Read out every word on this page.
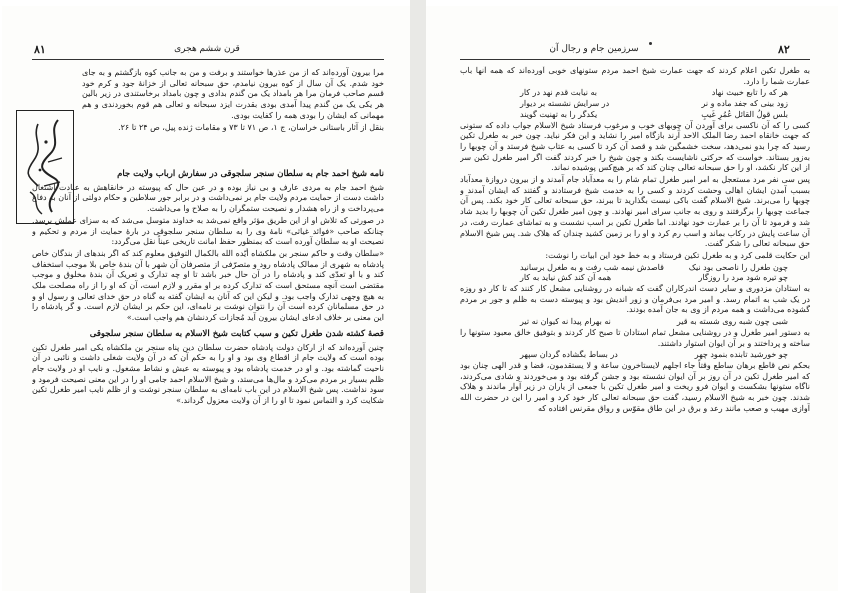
۸۱	قرن ششم هجری

مرا بیرون آورده‌اند که از من عذرها خواستند و برفت و من به جانب کوه بازگشتم و به جای خود شدم. یک آن سال از کوه بیرون نیامدم، حق سبحانه تعالی از خزانهٔ جود و کرم خود قسم صاحب فرمان مرا هر بامداد یک من گندم بدادی و چون بامداد برخاستندی در زیر بالین هر یکی یک من گندم پیدا آمدی بودی بقدرت ایزد سبحانه و تعالی هم قوم بخوردندی و هم مهمانی که ایشان را بودی همه را کفایت بودی.

بنقل از آثار باستانی خراسان، ج ۱، ص ۷۱ تا ۷۳ و مقامات ژنده پیل، ص ۲۴ تا ۲۶.

نامه شیخ احمد جام به سلطان سنجر سلجوقی در سفارش ارباب ولایت جام

شیخ احمد جام به مردی عارف و بی نیاز بوده و در عین حال که پیوسته در خانقاهش به عبادت اشتغال داشت دست از حمایت مردم ولایت جام بر نمی‌داشت و در برابر جور سلاطین و حکام دولتی از آنان به دفاع می‌پرداخت و از راه هشدار و نصیحت ستمگران را به صلاح وا می‌داشت.

در صورتی که تلاش او از این طریق مؤثر واقع نمی‌شد به خداوند متوسل می‌شد که به سزای عملش برسد. چنانکه صاحب «فوائد غیاثی» نامهٔ وی را به سلطان سنجر سلجوقی در بارهٔ حمایت از مردم و تحکیم و نصیحت او به سلطان آورده است که بمنظور حفظ امانت تاریخی عیناً نقل می‌گردد:

«سلطان وقت و حاکم سنجر بن ملکشاه أیّده الله بالکمال التوفیق معلوم کند که اگر بندهای از بندگان خاص پادشاه به شهری از ممالک پادشاه رود و متصرّفی از متصرفان آن شهر با آن بندهٔ خاص بلا موجب استخفاف کند و با او تعدّی کند و پادشاه را در آن حال خبر باشد تا او چه تدارک و تعریک آن بندهٔ مخلوق و موجب مقتضی است آنچه مستحق است که تدارک کرده بر او مقرر و لازم است، آن که او را از راه مصلحت ملک به هیچ وجهی تدارک واجب بود. و لیکن این که آنان به ایشان گفته به گناه در حق خدای تعالی و رسول او و در حق مسلمانان کرده است آن را نتوان نوشت بر نامه‌ای، این حکم بر ایشان لازم است. و گر پادشاه را این معنی بر خلاف ادعای ایشان بیرون آید مُجازات کردنشان هم واجب است.»

قصهٔ کشته شدن طغرل تکین و سبب کتابت شیخ الاسلام به سلطان سنجر سلجوقی

چنین آورده‌اند که از ارکان دولت پادشاه حضرت سلطان دین پناه سنجر بن ملکشاه یکی امیر طغرل تکین بوده است که ولایت جام از اقطاع وی بود و او را به حکم آن که در آن ولایت شغلی داشت و نائبی در آن ناحیت گماشته بود. و او در خدمت پادشاه بود و پیوسته به عیش و نشاط مشغول. و نایب او در ولایت جام ظلم بسیار بر مردم می‌کرد و مال‌ها می‌ستد، و شیخ الاسلام احمد جامی او را در این معنی نصیحت فرمود و سود نداشت. پس شیخ الاسلام در این باب نامه‌ای به سلطان سنجر نوشت و از ظلم نایب امیر طغرل تکین شکایت کرد و التماس نمود تا او را از آن ولایت معزول گرداند.»

۸۲
سرزمین جام و رجال آن

به طغرل تکین اعلام کردند که جهت عمارت شیخ احمد مردم ستونهای خوبی آورده‌اند که همه آنها باب عمارت شما را دارد.

هر که را تابع خبیث نهاد
به نیابت قدم نهد در کار
زود بینی که جفد ماده و نر
در سرایش نشسته بر دیوار
بلس قولُ القائل عُمُرِ غَیبِ
یکدگر را به تهنیت گویند

کسی را که آن ناکسی برای آوردن آن چوبهای خوب و مرغوب فرستاد شیخ الاسلام جواب داده که ستونی که جهت خانقاه احمد رضا الملک الاحد آرند بازگاه امیر را نشاید و این فکر نباید. چون خبر به طغرل تکین رسید که چرا بدو نمی‌دهد، سخت خشمگین شد و قصد آن کرد تا کسی به عتاب شیخ فرستد و آن چوبها را به‌زور بستاند. خواست که حرکتی ناشایست بکند و چون شیخ را خبر کردند گفت اگر امیر طغرل تکین سر از این کار نکشد، او را حق سبحانه تعالی چنان کند که بر هیچ‌کس پوشیده نماند.

پس سی نفر مرد مستعجل به امر امیر طغرل تمام شام را به معدآباد جام آمدند و از بیرون دروازهٔ معدآباد بسبب آمدن ایشان اهالی وحشت کردند و کسی را به خدمت شیخ فرستادند و گفتند که ایشان آمدند و چوبها را می‌برند. شیخ الاسلام گفت باکی نیست بگذارید تا ببرند، حق سبحانه تعالی کار خود بکند. پس آن جماعت چوبها را برگرفتند و روی به جانب سرای امیر نهادند. و چون امیر طغرل تکین آن چوبها را بدید شاد شد و فرمود تا آن را بر عمارت خود نهادند. اما طغرل تکین بر اسب نشست و به تماشای عمارت رفت، در آن ساعت پایش در رکاب بماند و اسب رم کرد و او را بر زمین کشید چندان که هلاک شد. پس شیخ الاسلام حق سبحانه تعالی را شکر گفت.

این حکایت قلمی کرد و به طغرل تکین فرستاد و به خط خود این ابیات را نوشت:

چون طغرل را ناصحی بود نیک
قاصدش نیمه شب رفت و به طغرل برسانید
چو تیره شود مرد را روزگار
همه آن کند کش نیاید به کار

به استادان مزدوری و سایر دست اندرکاران گفت که شبانه در روشنایی مشعل کار کنند که تا کار دو روزه در یک شب به اتمام رسد. و امیر مرد بی‌فرمان و زور اندیش بود و پیوسته دست به ظلم و جور بر مردم گشوده می‌داشت و همه مردم از وی به جان آمده بودند.

شبی چون شبه روی شسته به قیر
نه بهرام پیدا نه کیوان نه تیر

به دستور امیر طغرل و در روشنایی مشعل تمام استادان تا صبح کار کردند و بتوفیق خالق معبود ستونها را ساخته و پرداختند و بر آن ایوان استوار داشتند.

چو خورشید تابنده بنمود چهر
در بساط بگشاده گردان سپهر

بحکم نص قاطع برهان ساطع وقتاً جاء اجلهم لایستاخرون ساعة و لا یستقدمون، قضا و قدر الهی چنان بود که امیر طغرل تکین در آن روز بر آن ایوان نشسته بود و جشن گرفته بود و می‌خوردند و شادی می‌کردند، ناگاه ستونها بشکست و ایوان فرو ریخت و امیر طغرل تکین با جمعی از یاران در زیر آوار ماندند و هلاک شدند. چون خبر به شیخ الاسلام رسید، گفت حق سبحانه تعالی کار خود کرد و امیر را این در حضرت الله آوازی مهیب و صعب مانند رعد و برق در این طاق مقوّس و رواق مقرنس افتاده که
